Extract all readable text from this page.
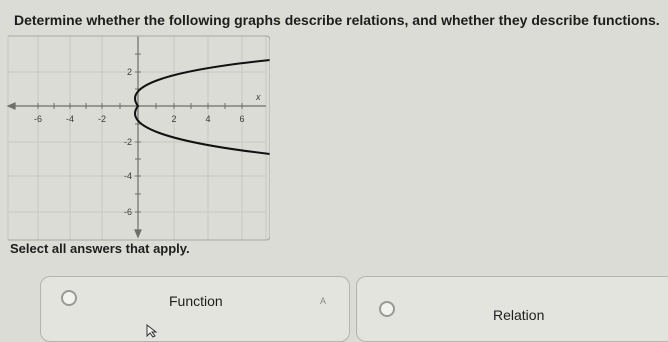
Determine whether the following graphs describe relations, and whether they describe functions.
-6	-4	-2	2	4	6
2
-2
-4
-6
x
Select all answers that apply.
Function	A
Relation
